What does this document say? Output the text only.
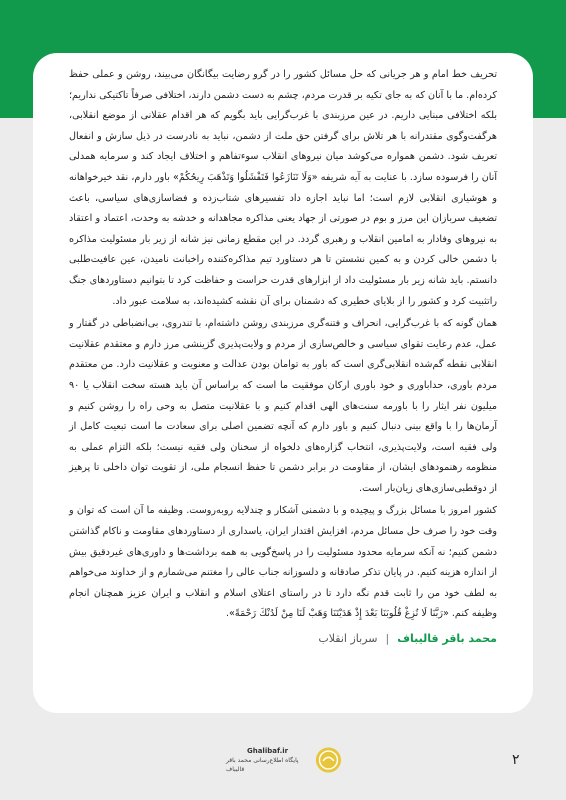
تحریف خط امام و هر جریانی که حل مسائل کشور را در گرو رضایت بیگانگان می‌بیند، روشن و عملی حفظ کرده‌ام. ما با آنان که به جای تکیه بر قدرت مردم، چشم به دست دشمن دارند، اختلافی صرفاً تاکتیکی نداریم؛ بلکه اختلافی مبنایی داریم. در عین مرزبندی با غرب‌گرایی باید بگویم که هر اقدام عقلانی از موضع انقلابی، هرگفت‌وگوی مقتدرانه با هر تلاش برای گرفتن حق ملت از دشمن، نباید به نادرست در ذیل سازش و انفعال تعریف شود. دشمن همواره می‌کوشد میان نیروهای انقلاب سوءتفاهم و اختلاف ایجاد کند و سرمایه همدلی آنان را فرسوده سازد. با عنایت به آیه شریفه «وَلَا تَنَازَعُوا فَتَفْشَلُوا وَتَذْهَبَ رِيحُكُمْ» باور دارم، نقد خیرخواهانه و هوشیاری انقلابی لازم است؛ اما نباید اجازه داد تفسیرهای شتاب‌زده و فضاسازی‌های سیاسی، باعث تضعیف سربازان این مرز و بوم در صورتی از جهاد یعنی مذاکره مجاهدانه و خدشه به وحدت، اعتماد و اعتقاد به نیروهای وفادار به امامین انقلاب و رهبری گردد. در این مقطع زمانی نیز شانه از زیر بار مسئولیت مذاکره با دشمن خالی کردن و به کمین نشستن تا هر دستاورد تیم مذاکره‌کننده راخبانت نامیدن، عین عافیت‌طلبی دانستم. باید شانه زیر بار مسئولیت داد از ابزارهای قدرت حراست و حفاظت کرد تا بتوانیم دستاوردهای جنگ راتثبیت کرد و کشور را از بلایای خطیری که دشمنان برای آن نقشه کشیده‌اند، به سلامت عبور داد.

همان گونه که با غرب‌گرایی، انحراف و فتنه‌گری مرزبندی روشن داشته‌ام، با تندروی، بی‌انضباطی در گفتار و عمل، عدم رعایت تقوای سیاسی و خالص‌سازی از مردم و ولایت‌پذیری گزینشی مرز دارم و معتقدم عقلانیت انقلابی نقطه گم‌شده انقلابی‌گری است که باور به توامان بودن عدالت و معنویت و عقلانیت دارد. من معتقدم مردم باوری، حداباوری و خود باوری ارکان موفقیت ما است که براساس آن باید هسته سخت انقلاب یا ۹۰ میلیون نفر ایثار را با باورمه سنت‌های الهی اقدام کنیم و با عقلانیت متصل به وحی راه را روشن کنیم و آرمان‌ها را با واقع بینی دنبال کنیم و باور دارم که آنچه تضمین اصلی برای سعادت ما است تبعیت کامل از ولی فقیه است، ولایت‌پذیری، انتخاب گزاره‌های دلخواه از سخنان ولی فقیه نیست؛ بلکه التزام عملی به منظومه رهنمودهای ایشان، از مقاومت در برابر دشمن تا حفظ انسجام ملی، از تقویت توان داخلی تا پرهیز از دوقطبی‌سازی‌های زیان‌بار است.

کشور امروز با مسائل بزرگ و پیچیده و با دشمنی آشکار و چندلایه روبه‌روست. وظیفه ما آن است که توان و وقت خود را صرف حل مسائل مردم، افزایش اقتدار ایران، یاسداری از دستاوردهای مقاومت و ناکام گذاشتن دشمن کنیم؛ نه آنکه سرمایه محدود مسئولیت را در پاسخ‌گویی به همه برداشت‌ها و داوری‌های غیردقیق بیش از اندازه هزینه کنیم. در پایان تذکر صادقانه و دلسوزانه جناب عالی را مغتنم می‌شمارم و از خداوند می‌خواهم به لطف خود من را ثابت قدم نگه دارد تا در راستای اعتلای اسلام و انقلاب و ایران عزیز همچنان انجام وظیفه کنم. «رَبَّنَا لَا تُزِغْ قُلُوبَنَا بَعْدَ إِذْ هَدَيْتَنَا وَهَبْ لَنَا مِنْ لَدُنْكَ رَحْمَةً».

محمد باقر قالیباف
|
سرباز انقلاب
Ghalibaf.ir
پایگاه اطلاع‌رسانی محمد باقر قالیباف
۲
